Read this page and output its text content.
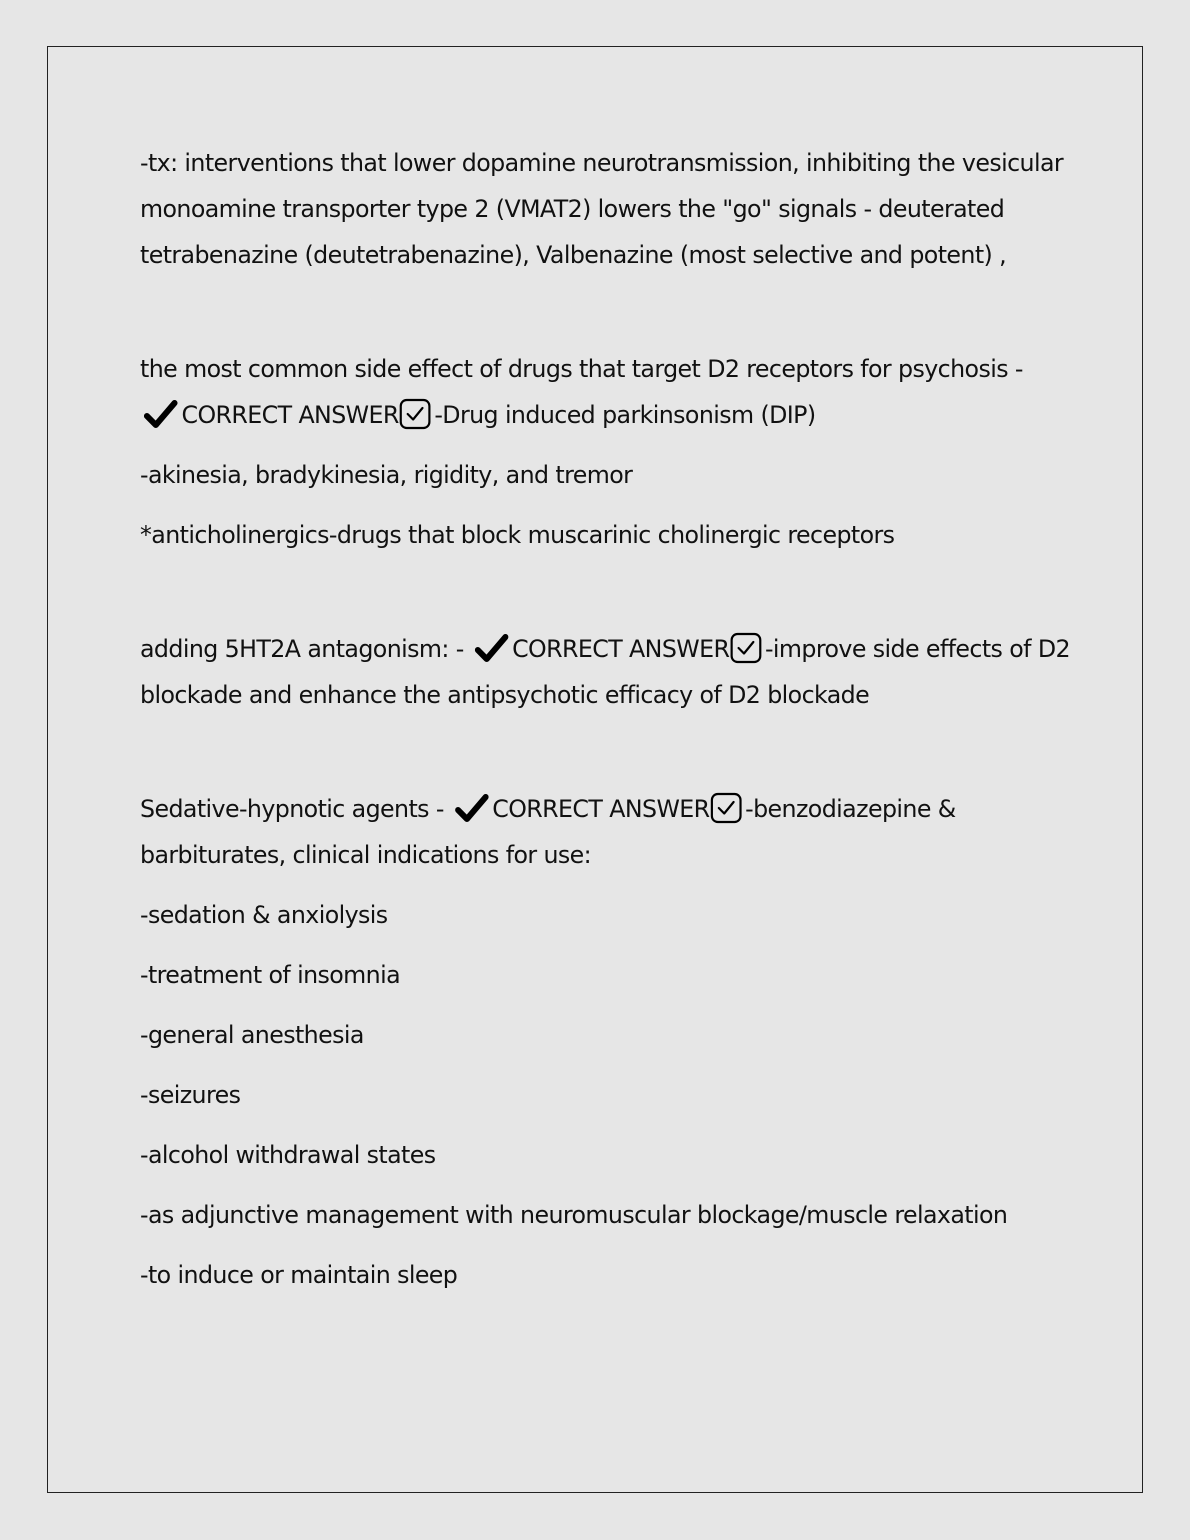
-tx: interventions that lower dopamine neurotransmission, inhibiting the vesicular

monoamine transporter type 2 (VMAT2) lowers the "go" signals - deuterated

tetrabenazine (deutetrabenazine), Valbenazine (most selective and potent) ,

the most common side effect of drugs that target D2 receptors for psychosis -

CORRECT ANSWER -Drug induced parkinsonism (DIP)

-akinesia, bradykinesia, rigidity, and tremor

*anticholinergics-drugs that block muscarinic cholinergic receptors

adding 5HT2A antagonism: - CORRECT ANSWER -improve side effects of D2

blockade and enhance the antipsychotic efficacy of D2 blockade

Sedative-hypnotic agents - CORRECT ANSWER -benzodiazepine &

barbiturates, clinical indications for use:

-sedation & anxiolysis

-treatment of insomnia

-general anesthesia

-seizures

-alcohol withdrawal states

-as adjunctive management with neuromuscular blockage/muscle relaxation

-to induce or maintain sleep
